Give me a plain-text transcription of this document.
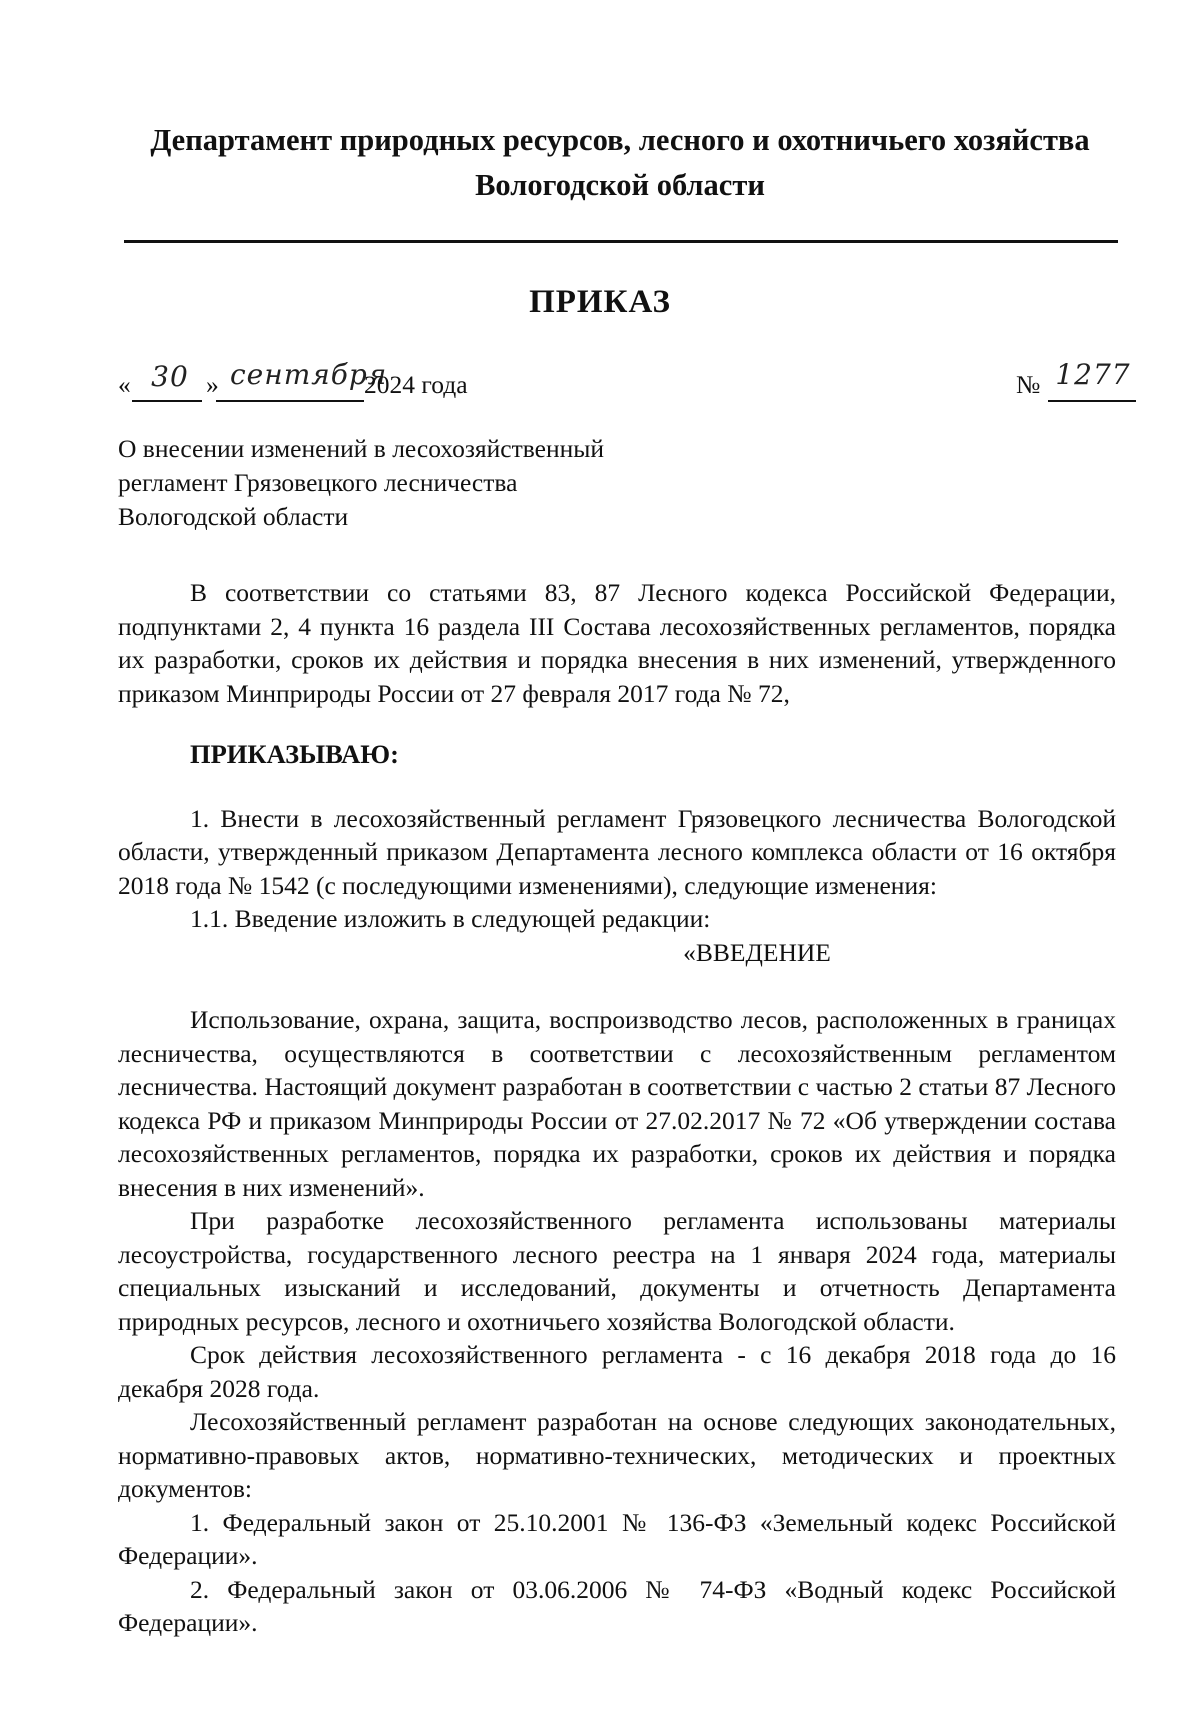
Департамент природных ресурсов, лесного и охотничьего хозяйства
Вологодской области
ПРИКАЗ
« 30 » сентября
2024 года	№ 1277
О внесении изменений в лесохозяйственный
регламент Грязовецкого лесничества
Вологодской области

В соответствии со статьями 83, 87 Лесного кодекса Российской Федерации, подпунктами 2, 4 пункта 16 раздела III Состава лесохозяйственных регламентов, порядка их разработки, сроков их действия и порядка внесения в них изменений, утвержденного приказом Минприроды России от 27 февраля 2017 года № 72,

ПРИКАЗЫВАЮ:

1. Внести в лесохозяйственный регламент Грязовецкого лесничества Вологодской области, утвержденный приказом Департамента лесного комплекса области от 16 октября 2018 года № 1542 (с последующими изменениями), следующие изменения:

1.1. Введение изложить в следующей редакции:

«ВВЕДЕНИЕ

Использование, охрана, защита, воспроизводство лесов, расположенных в границах лесничества, осуществляются в соответствии с лесохозяйственным регламентом лесничества. Настоящий документ разработан в соответствии с частью 2 статьи 87 Лесного кодекса РФ и приказом Минприроды России от 27.02.2017 № 72 «Об утверждении состава лесохозяйственных регламентов, порядка их разработки, сроков их действия и порядка внесения в них изменений».

При разработке лесохозяйственного регламента использованы материалы лесоустройства, государственного лесного реестра на 1 января 2024 года, материалы специальных изысканий и исследований, документы и отчетность Департамента природных ресурсов, лесного и охотничьего хозяйства Вологодской области.

Срок действия лесохозяйственного регламента - с 16 декабря 2018 года до 16 декабря 2028 года.

Лесохозяйственный регламент разработан на основе следующих законодательных, нормативно-правовых актов, нормативно-технических, методических и проектных документов:

1. Федеральный закон от 25.10.2001 № 136-ФЗ «Земельный кодекс Российской Федерации».

2. Федеральный закон от 03.06.2006 № 74-ФЗ «Водный кодекс Российской Федерации».
